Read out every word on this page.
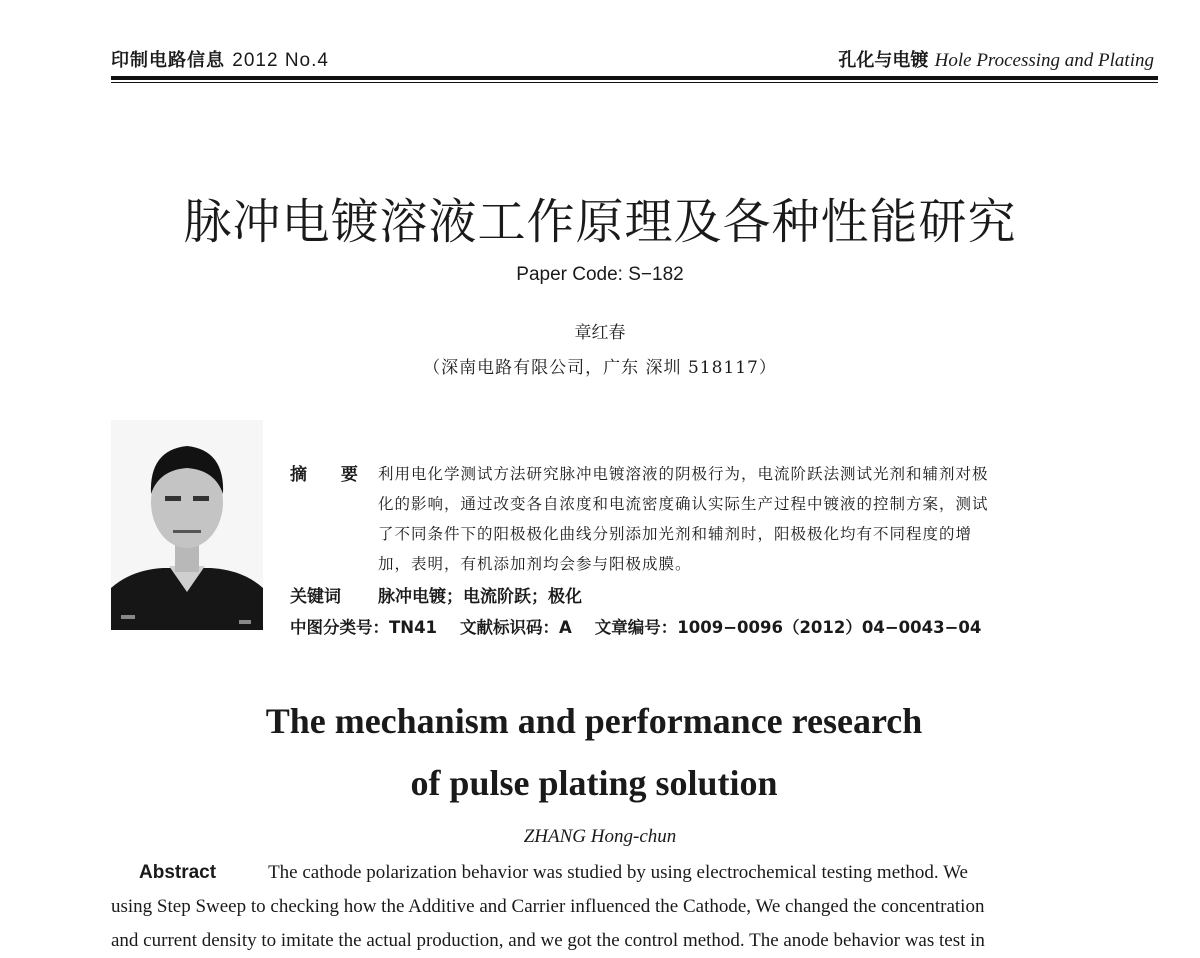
印制电路信息 2012 No.4	孔化与电镀 Hole Processing and Plating
脉冲电镀溶液工作原理及各种性能研究
Paper Code: S−182
章红春
（深南电路有限公司，广东 深圳 518117）
摘 要 利用电化学测试方法研究脉冲电镀溶液的阴极行为，电流阶跃法测试光剂和辅剂对极
化的影响，通过改变各自浓度和电流密度确认实际生产过程中镀液的控制方案，测试
了不同条件下的阳极极化曲线分别添加光剂和辅剂时，阳极极化均有不同程度的增
加，表明，有机添加剂均会参与阳极成膜。
关键词 脉冲电镀；电流阶跃；极化
中图分类号：TN41 文献标识码：A 文章编号：1009−0096（2012）04−0043−04
The mechanism and performance research
of pulse plating solution
ZHANG Hong-chun
Abstract	The cathode polarization behavior was studied by using electrochemical testing method. We
using Step Sweep to checking how the Additive and Carrier influenced the Cathode, We changed the concentration
and current density to imitate the actual production, and we got the control method. The anode behavior was test in
